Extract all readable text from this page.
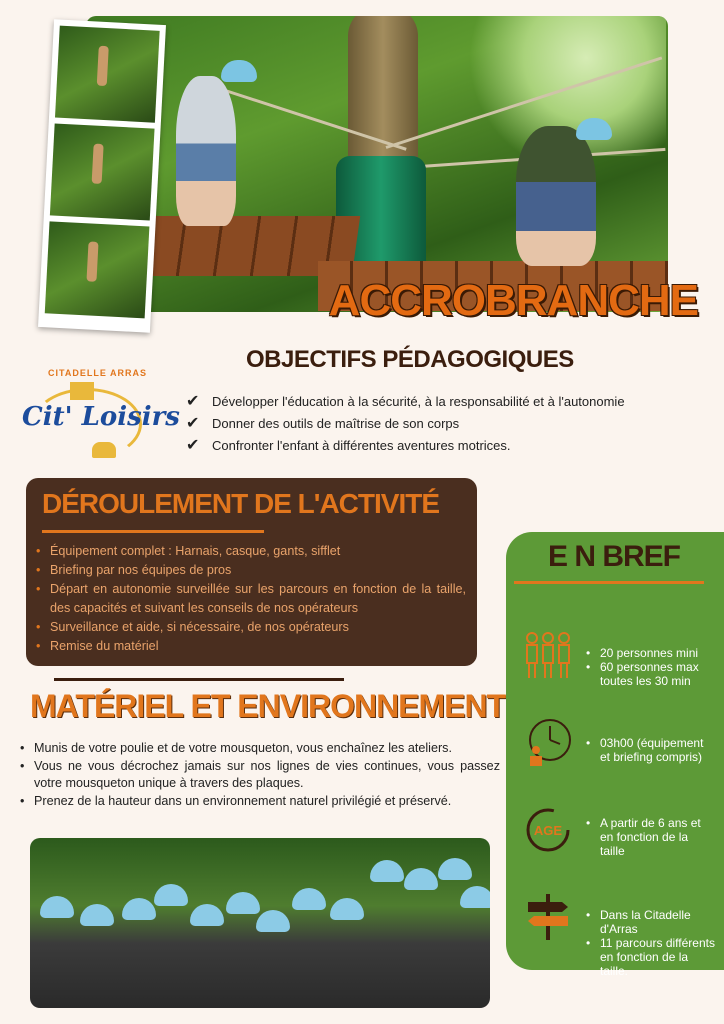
ACCROBRANCHE
CITADELLE ARRAS
Cit' Loisirs
OBJECTIFS PÉDAGOGIQUES
✔ Développer l'éducation à la sécurité, à la responsabilité et à l'autonomie
✔ Donner des outils de maîtrise de son corps
✔ Confronter l'enfant à différentes aventures motrices.
DÉROULEMENT DE L'ACTIVITÉ
• Équipement complet : Harnais, casque, gants, sifflet
• Briefing par nos équipes de pros
• Départ en autonomie surveillée sur les parcours en fonction de la taille, des capacités et suivant les conseils de nos opérateurs
• Surveillance et aide, si nécessaire, de nos opérateurs
• Remise du matériel
MATÉRIEL ET ENVIRONNEMENT
• Munis de votre poulie et de votre mousqueton, vous enchaînez les ateliers.
• Vous ne vous décrochez jamais sur nos lignes de vies continues, vous passez votre mousqueton unique à travers des plaques.
• Prenez de la hauteur dans un environnement naturel privilégié et préservé.
E N BREF
• 20 personnes mini
• 60 personnes max toutes les 30 min
• 03h00 (équipement et briefing compris)
AGE
•	A partir de 6 ans et en fonction de la taille
• Dans la Citadelle d'Arras
• 11 parcours différents en fonction de la taille.
